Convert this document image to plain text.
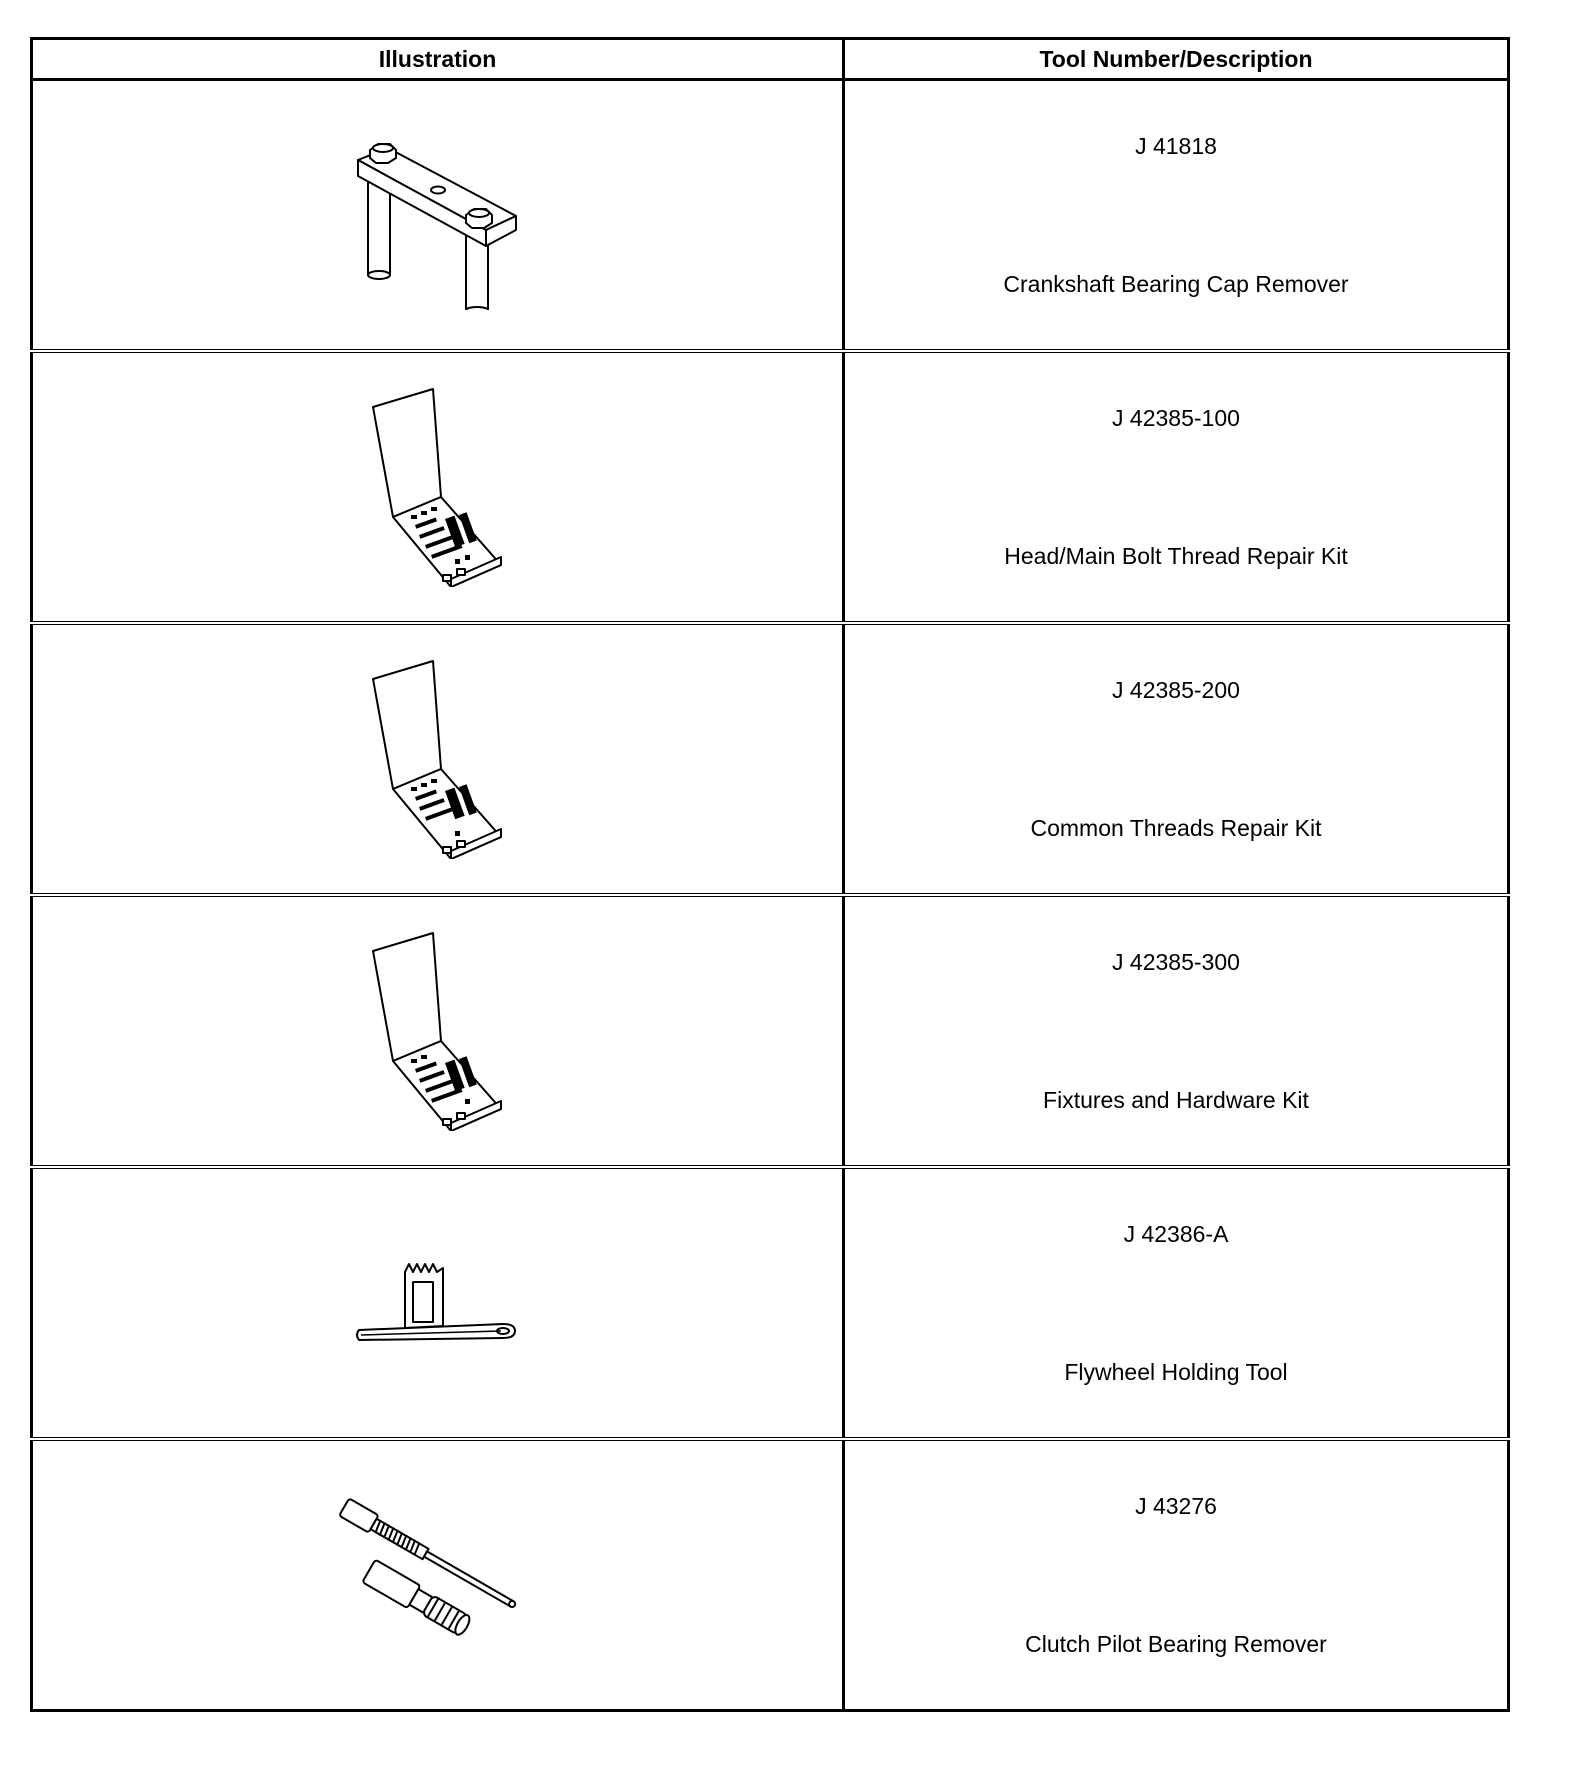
Illustration	Tool Number/Description

J 41818
Crankshaft Bearing Cap Remover

J 42385-100
Head/Main Bolt Thread Repair Kit

J 42385-200
Common Threads Repair Kit

J 42385-300
Fixtures and Hardware Kit

J 42386-A
Flywheel Holding Tool

J 43276
Clutch Pilot Bearing Remover
